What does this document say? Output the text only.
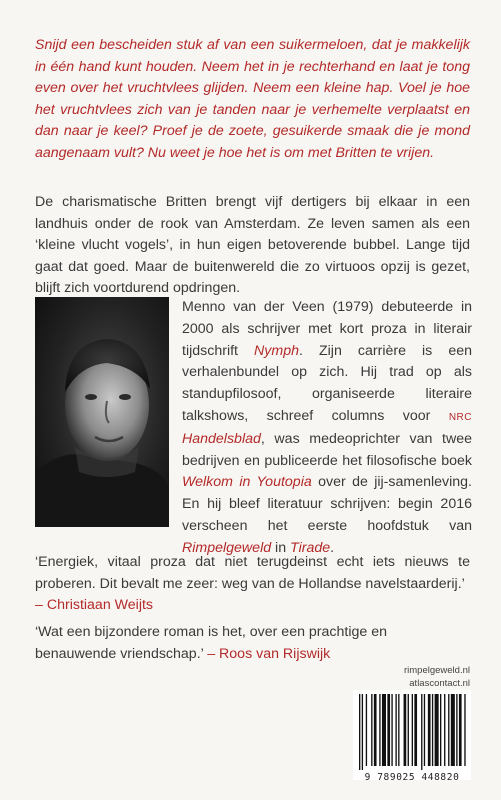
Snijd een bescheiden stuk af van een suikermeloen, dat je makkelijk in één hand kunt houden. Neem het in je rechterhand en laat je tong even over het vruchtvlees glijden. Neem een kleine hap. Voel je hoe het vruchtvlees zich van je tanden naar je verhemelte verplaatst en dan naar je keel? Proef je de zoete, gesuikerde smaak die je mond aangenaam vult? Nu weet je hoe het is om met Britten te vrijen.
De charismatische Britten brengt vijf dertigers bij elkaar in een landhuis onder de rook van Amsterdam. Ze leven samen als een ‘kleine vlucht vogels’, in hun eigen betoverende bubbel. Lange tijd gaat dat goed. Maar de buitenwereld die zo virtuoos opzij is gezet, blijft zich voortdurend opdringen.
Menno van der Veen (1979) debuteerde in 2000 als schrijver met kort proza in literair tijdschrift Nymph. Zijn carrière is een verhalenbundel op zich. Hij trad op als standupfilosoof, organiseerde literaire talkshows, schreef columns voor NRC Handelsblad, was medeoprichter van twee bedrijven en publiceerde het filosofische boek Welkom in Youtopia over de jij-samenleving. En hij bleef literatuur schrijven: begin 2016 verscheen het eerste hoofdstuk van Rimpelgeweld in Tirade.
‘Energiek, vitaal proza dat niet terugdeinst echt iets nieuws te proberen. Dit bevalt me zeer: weg van de Hollandse navelstaarderij.’
– Christiaan Weijts
‘Wat een bijzondere roman is het, over een prachtige en benauwende vriendschap.’ – Roos van Rijswijk
rimpelgeweld.nl
atlascontact.nl
9 789025 448820
